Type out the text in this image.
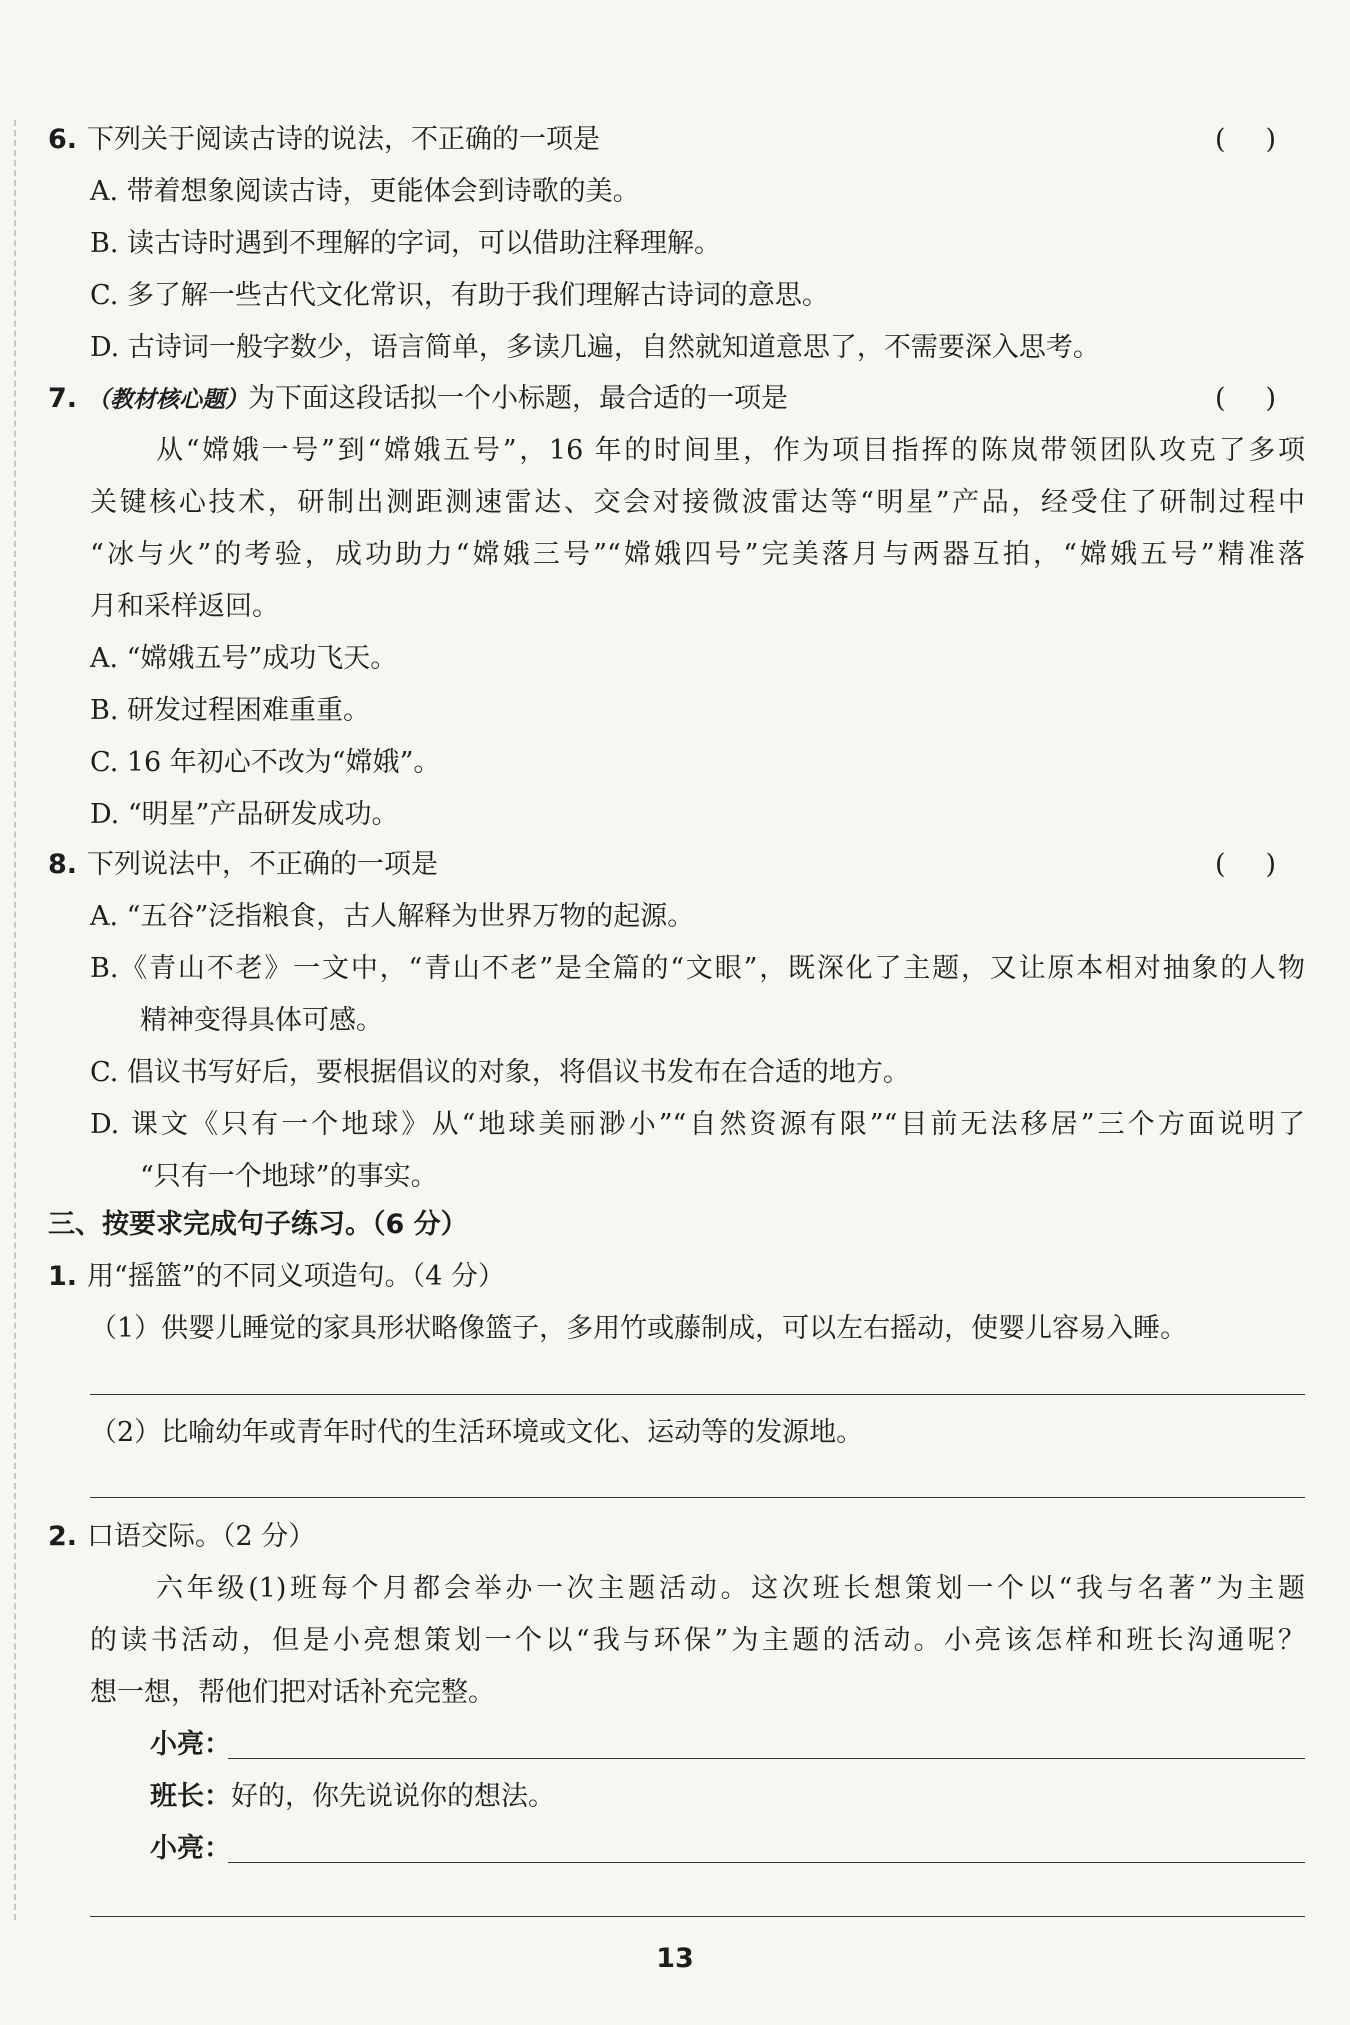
6. 下列关于阅读古诗的说法，不正确的一项是	()
A. 带着想象阅读古诗，更能体会到诗歌的美。
B. 读古诗时遇到不理解的字词，可以借助注释理解。
C. 多了解一些古代文化常识，有助于我们理解古诗词的意思。
D. 古诗词一般字数少，语言简单，多读几遍，自然就知道意思了，不需要深入思考。
7. （教材核心题）为下面这段话拟一个小标题，最合适的一项是	()
从“嫦娥一号”到“嫦娥五号”，16 年的时间里，作为项目指挥的陈岚带领团队攻克了多项
关键核心技术，研制出测距测速雷达、交会对接微波雷达等“明星”产品，经受住了研制过程中
“冰与火”的考验，成功助力“嫦娥三号”“嫦娥四号”完美落月与两器互拍，“嫦娥五号”精准落
月和采样返回。
A. “嫦娥五号”成功飞天。
B. 研发过程困难重重。
C. 16 年初心不改为“嫦娥”。
D. “明星”产品研发成功。
8. 下列说法中，不正确的一项是	()
A. “五谷”泛指粮食，古人解释为世界万物的起源。
B.《青山不老》一文中，“青山不老”是全篇的“文眼”，既深化了主题，又让原本相对抽象的人物
精神变得具体可感。
C. 倡议书写好后，要根据倡议的对象，将倡议书发布在合适的地方。
D. 课文《只有一个地球》从“地球美丽渺小”“自然资源有限”“目前无法移居”三个方面说明了
“只有一个地球”的事实。
三、按要求完成句子练习。（6 分）
1. 用“摇篮”的不同义项造句。（4 分）
（1）供婴儿睡觉的家具形状略像篮子，多用竹或藤制成，可以左右摇动，使婴儿容易入睡。
（2）比喻幼年或青年时代的生活环境或文化、运动等的发源地。
2. 口语交际。（2 分）
六年级(1)班每个月都会举办一次主题活动。这次班长想策划一个以“我与名著”为主题
的读书活动，但是小亮想策划一个以“我与环保”为主题的活动。小亮该怎样和班长沟通呢？
想一想，帮他们把对话补充完整。
小亮：
班长：好的，你先说说你的想法。
小亮：
13
